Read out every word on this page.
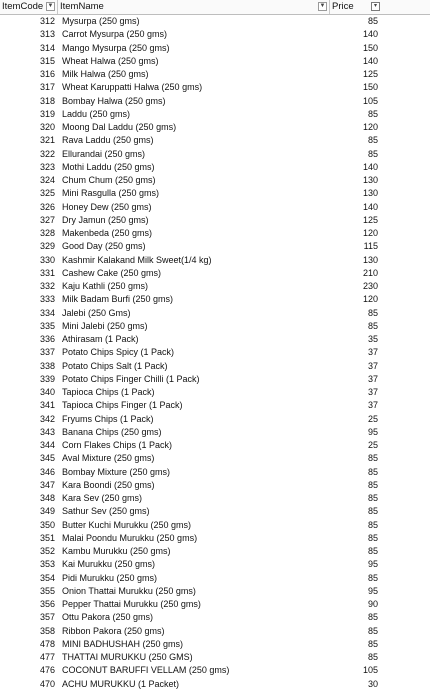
ItemCode ▼ ItemName	▼ Price	▾
312 Mysurpa (250 gms)	85
313 Carrot Mysurpa (250 gms)	140
314 Mango Mysurpa (250 gms)	150
315 Wheat Halwa (250 gms)	140
316 Milk Halwa (250 gms)	125
317 Wheat Karuppatti Halwa (250 gms)	150
318 Bombay Halwa (250 gms)	105
319 Laddu (250 gms)	85
320 Moong Dal Laddu (250 gms)	120
321 Rava Laddu (250 gms)	85
322 Ellurandai (250 gms)	85
323 Mothi Laddu (250 gms)	140
324 Chum Chum (250 gms)	130
325 Mini Rasgulla (250 gms)	130
326 Honey Dew (250 gms)	140
327 Dry Jamun (250 gms)	125
328 Makenbeda (250 gms)	120
329 Good Day (250 gms)	115
330 Kashmir Kalakand Milk Sweet(1/4 kg)	130
331 Cashew Cake (250 gms)	210
332 Kaju Kathli (250 gms)	230
333 Milk Badam Burfi (250 gms)	120
334 Jalebi (250 Gms)	85
335 Mini Jalebi (250 gms)	85
336 Athirasam (1 Pack)	35
337 Potato Chips Spicy (1 Pack)	37
338 Potato Chips Salt (1 Pack)	37
339 Potato Chips Finger Chilli (1 Pack)	37
340 Tapioca Chips (1 Pack)	37
341 Tapioca Chips Finger (1 Pack)	37
342 Fryums Chips (1 Pack)	25
343 Banana Chips (250 gms)	95
344 Corn Flakes Chips (1 Pack)	25
345 Aval Mixture (250 gms)	85
346 Bombay Mixture (250 gms)	85
347 Kara Boondi (250 gms)	85
348 Kara Sev (250 gms)	85
349 Sathur Sev (250 gms)	85
350 Butter Kuchi Murukku (250 gms)	85
351 Malai Poondu Murukku (250 gms)	85
352 Kambu Murukku (250 gms)	85
353 Kai Murukku (250 gms)	95
354 Pidi Murukku (250 gms)	85
355 Onion Thattai Murukku (250 gms)	95
356 Pepper Thattai Murukku (250 gms)	90
357 Ottu Pakora (250 gms)	85
358 Ribbon Pakora (250 gms)	85
478 MINI BADHUSHAH (250 gms)	85
477 THATTAI MURUKKU (250 GMS)	85
476 COCONUT BARUFFI VELLAM (250 gms)	105
470 ACHU MURUKKU (1 Packet)	30
